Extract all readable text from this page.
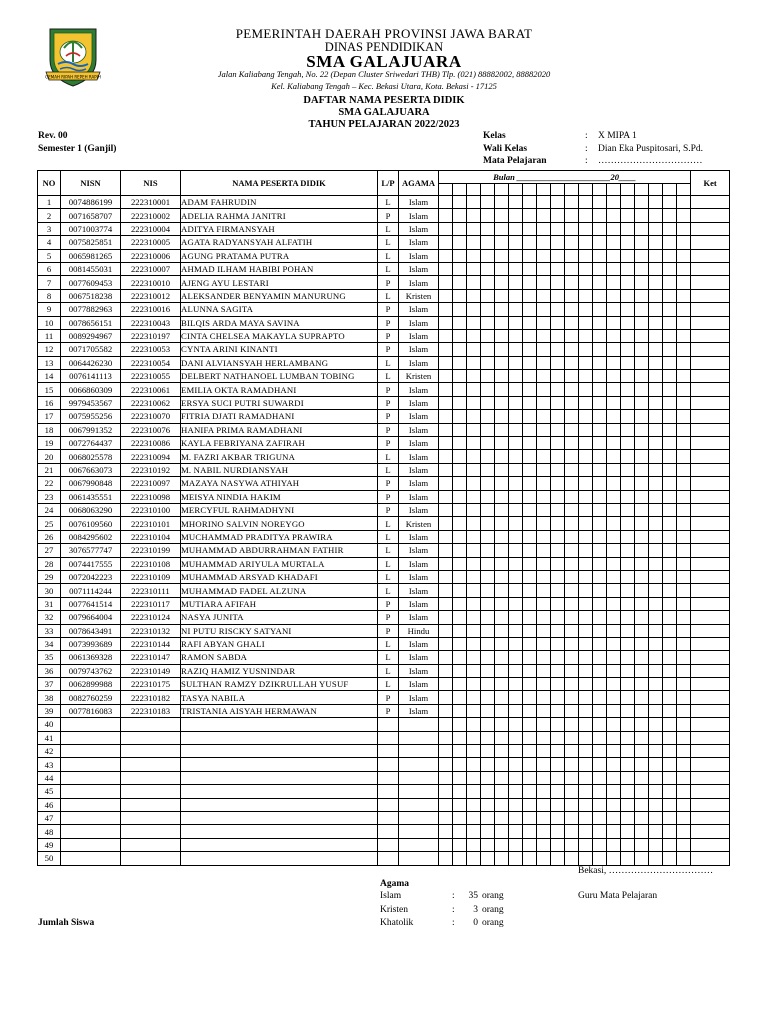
GEMAH RIPAH REPEH RAPIH
PEMERINTAH DAERAH PROVINSI JAWA BARAT
DINAS PENDIDIKAN
SMA GALAJUARA
Jalan Kaliabang Tengah, No. 22 (Depan Cluster Sriwedari THB) Tlp. (021) 88882002, 88882020
Kel. Kaliabang Tengah – Kec. Bekasi Utara, Kota. Bekasi - 17125
DAFTAR NAMA PESERTA DIDIK
SMA GALAJUARA
TAHUN PELAJARAN 2022/2023
Rev. 00
Semester 1 (Ganjil)
Kelas	: X MIPA 1
Wali Kelas	: Dian Eka Puspitosari, S.Pd.
Mata Pelajaran	: ……………………………
NO	NISN	NIS	NAMA PESERTA DIDIK	L/P	AGAMA	Bulan ______________________20____																		Ket

1	0074886199	222310001	ADAM FAHRUDIN	L	Islam																			
2	0071658707	222310002	ADELIA RAHMA JANITRI	P	Islam																			
3	0071003774	222310004	ADITYA FIRMANSYAH	L	Islam																			
4	0075825851	222310005	AGATA RADYANSYAH ALFATIH	L	Islam																			
5	0065981265	222310006	AGUNG PRATAMA PUTRA	L	Islam																			
6	0081455031	222310007	AHMAD ILHAM HABIBI POHAN	L	Islam																			
7	0077609453	222310010	AJENG AYU LESTARI	P	Islam																			
8	0067518238	222310012	ALEKSANDER BENYAMIN MANURUNG	L	Kristen																			
9	0077882963	222310016	ALUNNA SAGITA	P	Islam																			
10	0078656151	222310043	BILQIS ARDA MAYA SAVINA	P	Islam																			
11	0089294967	222310197	CINTA CHELSEA MAKAYLA SUPRAPTO	P	Islam																			
12	0071705582	222310053	CYNTA ARINI KINANTI	P	Islam																			
13	0064426230	222310054	DANI ALVIANSYAH HERLAMBANG	L	Islam																			
14	0076141113	222310055	DELBERT NATHANOEL LUMBAN TOBING	L	Kristen																			
15	0066860309	222310061	EMILIA OKTA RAMADHANI	P	Islam																			
16	9979453567	222310062	ERSYA SUCI PUTRI SUWARDI	P	Islam																			
17	0075955256	222310070	FITRIA DJATI RAMADHANI	P	Islam																			
18	0067991352	222310076	HANIFA PRIMA RAMADHANI	P	Islam																			
19	0072764437	222310086	KAYLA FEBRIYANA ZAFIRAH	P	Islam																			
20	0068025578	222310094	M. FAZRI AKBAR TRIGUNA	L	Islam																			
21	0067663073	222310192	M. NABIL NURDIANSYAH	L	Islam																			
22	0067990848	222310097	MAZAYA NASYWA ATHIYAH	P	Islam																			
23	0061435551	222310098	MEISYA NINDIA HAKIM	P	Islam																			
24	0068063290	222310100	MERCYFUL RAHMADHYNI	P	Islam																			
25	0076109560	222310101	MHORINO SALVIN NOREYGO	L	Kristen																			
26	0084295602	222310104	MUCHAMMAD PRADITYA PRAWIRA	L	Islam																			
27	3076577747	222310199	MUHAMMAD ABDURRAHMAN FATHIR	L	Islam																			
28	0074417555	222310108	MUHAMMAD ARIYULA MURTALA	L	Islam																			
29	0072042223	222310109	MUHAMMAD ARSYAD KHADAFI	L	Islam																			
30	0071114244	222310111	MUHAMMAD FADEL ALZUNA	L	Islam																			
31	0077641514	222310117	MUTIARA AFIFAH	P	Islam																			
32	0079664004	222310124	NASYA JUNITA	P	Islam																			
33	0078643491	222310132	NI PUTU RISCKY SATYANI	P	Hindu																			
34	0073993689	222310144	RAFI ABYAN GHALI	L	Islam																			
35	0061369328	222310147	RAMON SABDA	L	Islam																			
36	0079743762	222310149	RAZIQ HAMIZ YUSNINDAR	L	Islam																			
37	0062899988	222310175	SULTHAN RAMZY DZIKRULLAH YUSUF	L	Islam																			
38	0082760259	222310182	TASYA NABILA	P	Islam																			
39	0077816083	222310183	TRISTANIA AISYAH HERMAWAN	P	Islam																			
40																								
41																								
42																								
43																								
44																								
45																								
46																								
47																								
48																								
49																								
50																								
Bekasi, ……………………………
Agama
Islam	:	35 orang
Kristen	:	3 orang
Khatolik	:	0 orang
Guru Mata Pelajaran
Jumlah Siswa
